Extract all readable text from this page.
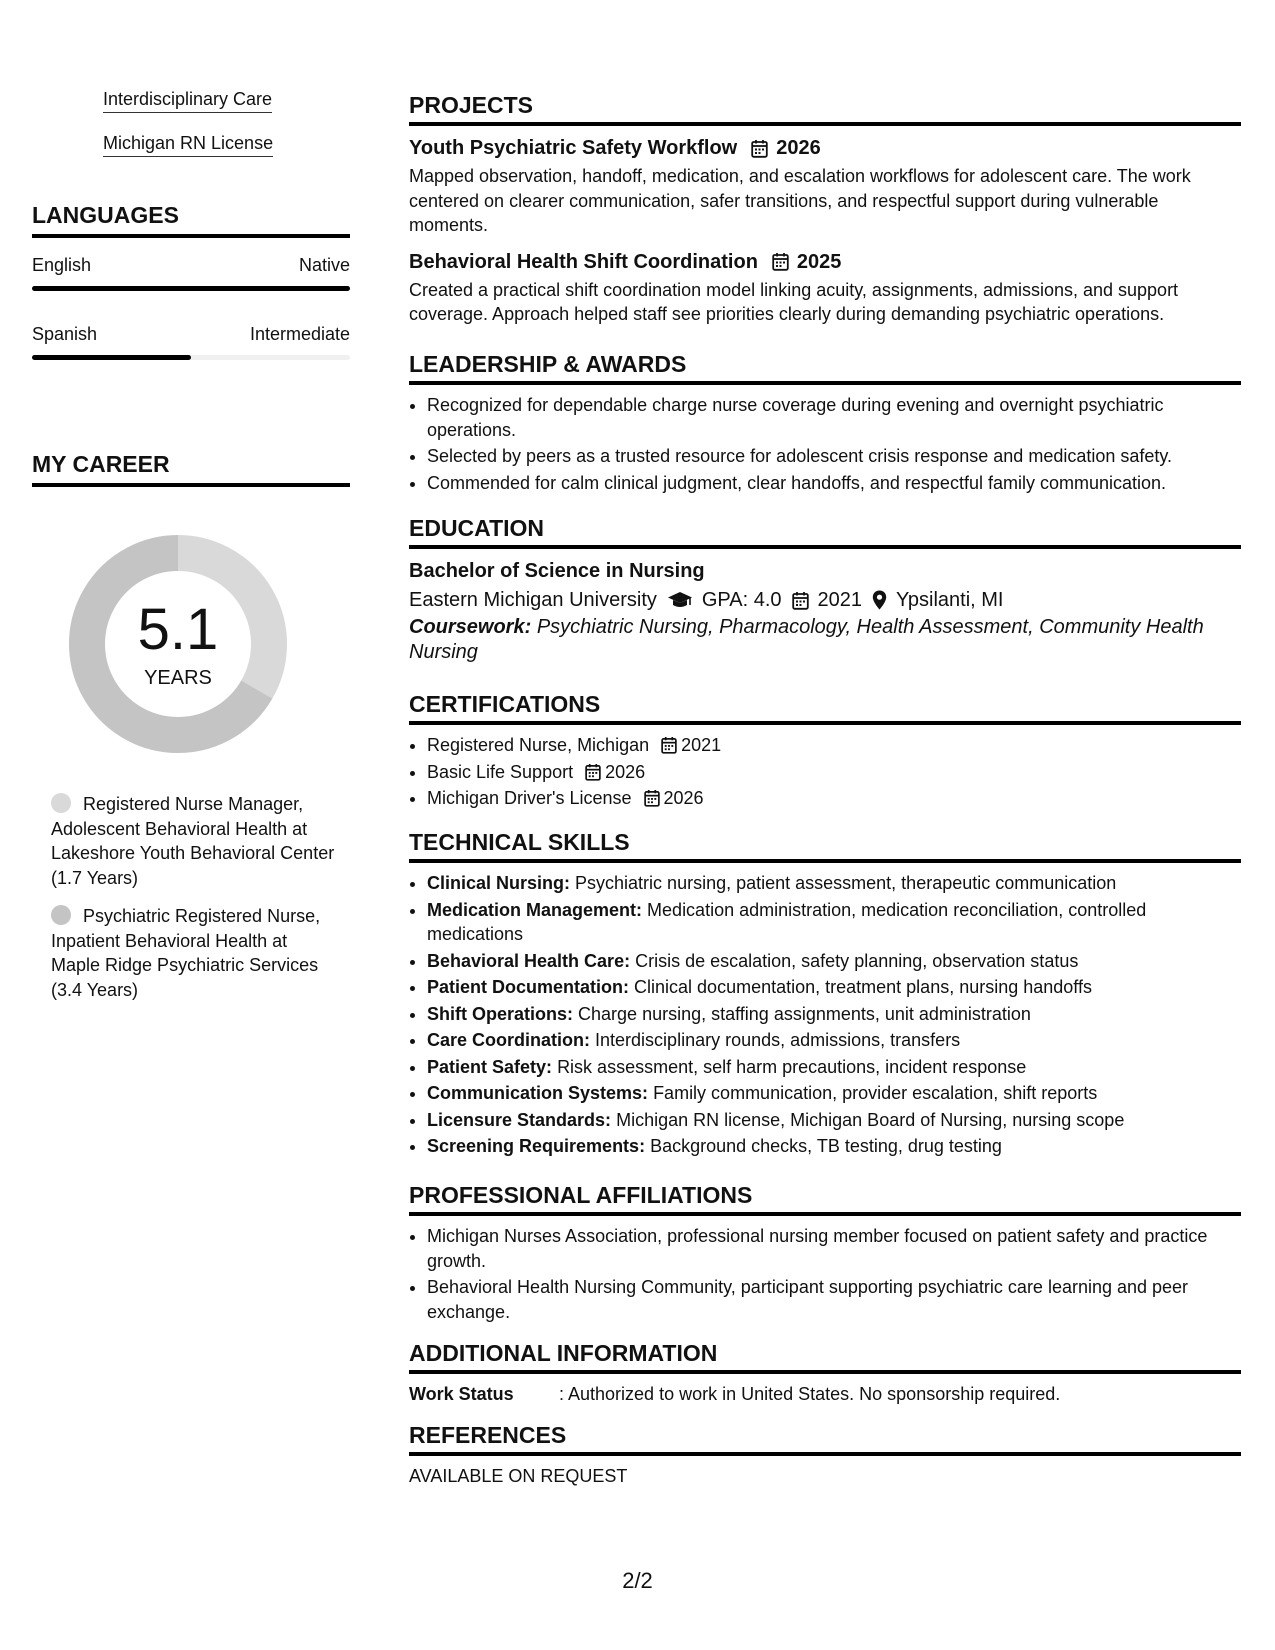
Interdisciplinary Care
Michigan RN License
LANGUAGES
English	Native
Spanish	Intermediate
MY CAREER
5.1
YEARS
Registered Nurse Manager, Adolescent Behavioral Health at Lakeshore Youth Behavioral Center (1.7 Years)
Psychiatric Registered Nurse, Inpatient Behavioral Health at Maple Ridge Psychiatric Services (3.4 Years)
PROJECTS
Youth Psychiatric Safety Workflow 2026
Mapped observation, handoff, medication, and escalation workflows for adolescent care. The work centered on clearer communication, safer transitions, and respectful support during vulnerable moments.
Behavioral Health Shift Coordination 2025
Created a practical shift coordination model linking acuity, assignments, admissions, and support coverage. Approach helped staff see priorities clearly during demanding psychiatric operations.
LEADERSHIP & AWARDS
• Recognized for dependable charge nurse coverage during evening and overnight psychiatric operations.
• Selected by peers as a trusted resource for adolescent crisis response and medication safety.
• Commended for calm clinical judgment, clear handoffs, and respectful family communication.
EDUCATION
Bachelor of Science in Nursing
Eastern Michigan University GPA: 4.0 2021 Ypsilanti, MI
Coursework: Psychiatric Nursing, Pharmacology, Health Assessment, Community Health Nursing
CERTIFICATIONS
• Registered Nurse, Michigan 2021
• Basic Life Support 2026
• Michigan Driver's License 2026
TECHNICAL SKILLS
• Clinical Nursing: Psychiatric nursing, patient assessment, therapeutic communication
• Medication Management: Medication administration, medication reconciliation, controlled medications
• Behavioral Health Care: Crisis de escalation, safety planning, observation status
• Patient Documentation: Clinical documentation, treatment plans, nursing handoffs
• Shift Operations: Charge nursing, staffing assignments, unit administration
• Care Coordination: Interdisciplinary rounds, admissions, transfers
• Patient Safety: Risk assessment, self harm precautions, incident response
• Communication Systems: Family communication, provider escalation, shift reports
• Licensure Standards: Michigan RN license, Michigan Board of Nursing, nursing scope
• Screening Requirements: Background checks, TB testing, drug testing
PROFESSIONAL AFFILIATIONS
• Michigan Nurses Association, professional nursing member focused on patient safety and practice growth.
• Behavioral Health Nursing Community, participant supporting psychiatric care learning and peer exchange.
ADDITIONAL INFORMATION
Work Status	: Authorized to work in United States. No sponsorship required.
REFERENCES
AVAILABLE ON REQUEST
2/2
